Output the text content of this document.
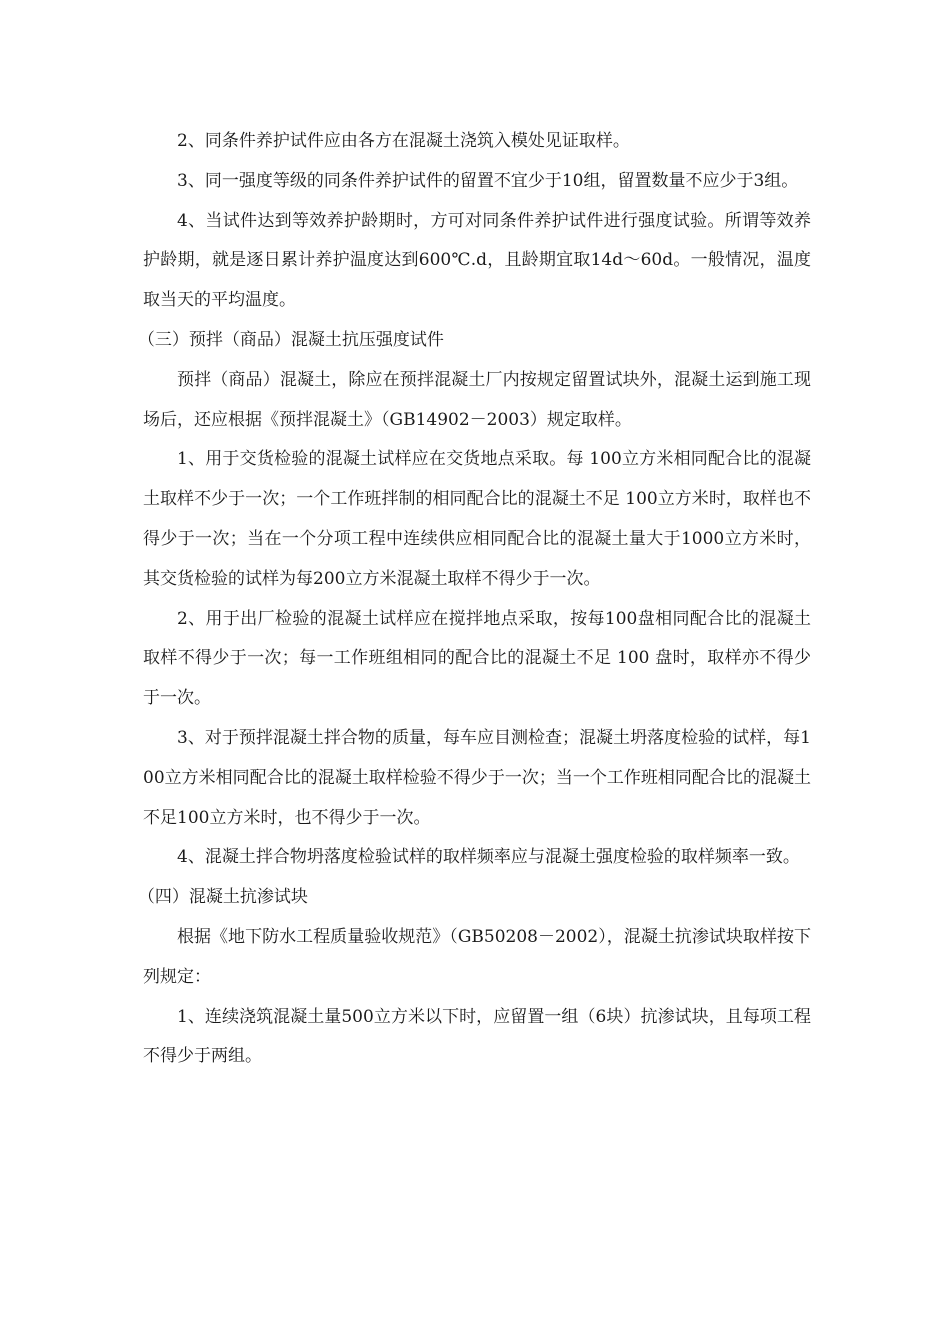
2、同条件养护试件应由各方在混凝土浇筑入模处见证取样。

3、同一强度等级的同条件养护试件的留置不宜少于10组，留置数量不应少于3组。

4、当试件达到等效养护龄期时，方可对同条件养护试件进行强度试验。所谓等效养护龄期，就是逐日累计养护温度达到600℃.d，且龄期宜取14d～60d。一般情况，温度取当天的平均温度。

（三）预拌（商品）混凝土抗压强度试件

预拌（商品）混凝土，除应在预拌混凝土厂内按规定留置试块外，混凝土运到施工现场后，还应根据《预拌混凝土》（GB14902－2003）规定取样。

1、用于交货检验的混凝土试样应在交货地点采取。每 100立方米相同配合比的混凝土取样不少于一次；一个工作班拌制的相同配合比的混凝土不足 100立方米时，取样也不得少于一次；当在一个分项工程中连续供应相同配合比的混凝土量大于1000立方米时，其交货检验的试样为每200立方米混凝土取样不得少于一次。

2、用于出厂检验的混凝土试样应在搅拌地点采取，按每100盘相同配合比的混凝土取样不得少于一次；每一工作班组相同的配合比的混凝土不足 100 盘时，取样亦不得少于一次。

3、对于预拌混凝土拌合物的质量，每车应目测检查；混凝土坍落度检验的试样，每100立方米相同配合比的混凝土取样检验不得少于一次；当一个工作班相同配合比的混凝土不足100立方米时，也不得少于一次。

4、混凝土拌合物坍落度检验试样的取样频率应与混凝土强度检验的取样频率一致。

（四）混凝土抗渗试块

根据《地下防水工程质量验收规范》（GB50208－2002），混凝土抗渗试块取样按下列规定：

1、连续浇筑混凝土量500立方米以下时，应留置一组（6块）抗渗试块，且每项工程不得少于两组。
